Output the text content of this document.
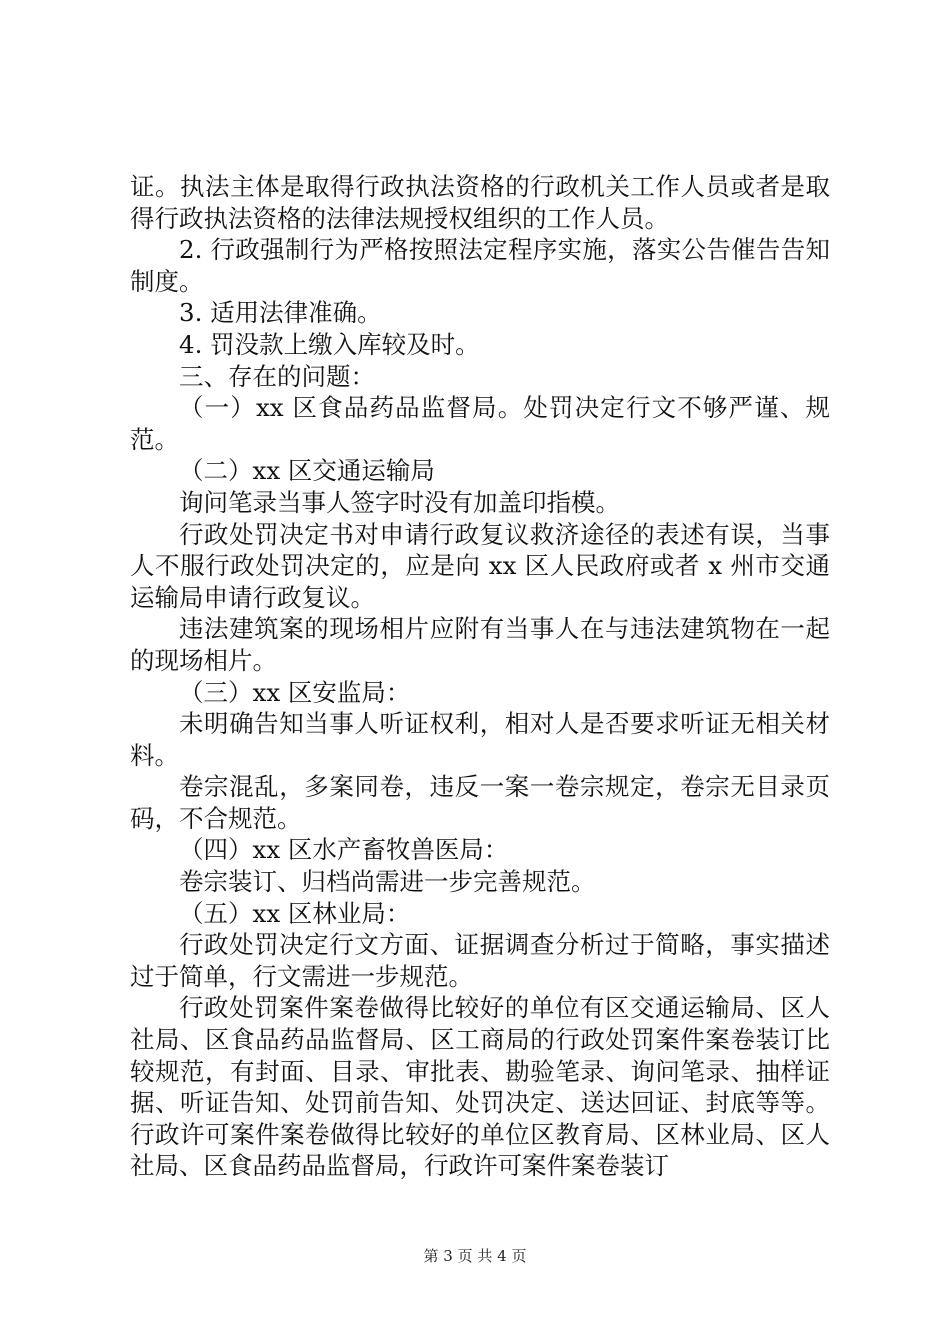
证。执法主体是取得行政执法资格的行政机关工作人员或者是取得行政执法资格的法律法规授权组织的工作人员。

2. 行政强制行为严格按照法定程序实施，落实公告催告告知制度。

3. 适用法律准确。

4. 罚没款上缴入库较及时。

三、存在的问题：

（一）xx 区食品药品监督局。处罚决定行文不够严谨、规范。

（二）xx 区交通运输局

询问笔录当事人签字时没有加盖印指模。

行政处罚决定书对申请行政复议救济途径的表述有误，当事人不服行政处罚决定的，应是向 xx 区人民政府或者 x 州市交通运输局申请行政复议。

违法建筑案的现场相片应附有当事人在与违法建筑物在一起的现场相片。

（三）xx 区安监局：

未明确告知当事人听证权利，相对人是否要求听证无相关材料。

卷宗混乱，多案同卷，违反一案一卷宗规定，卷宗无目录页码，不合规范。

（四）xx 区水产畜牧兽医局：

卷宗装订、归档尚需进一步完善规范。

（五）xx 区林业局：

行政处罚决定行文方面、证据调查分析过于简略，事实描述过于简单，行文需进一步规范。

行政处罚案件案卷做得比较好的单位有区交通运输局、区人社局、区食品药品监督局、区工商局的行政处罚案件案卷装订比较规范，有封面、目录、审批表、勘验笔录、询问笔录、抽样证据、听证告知、处罚前告知、处罚决定、送达回证、封底等等。行政许可案件案卷做得比较好的单位区教育局、区林业局、区人社局、区食品药品监督局，行政许可案件案卷装订

第 3 页 共 4 页
